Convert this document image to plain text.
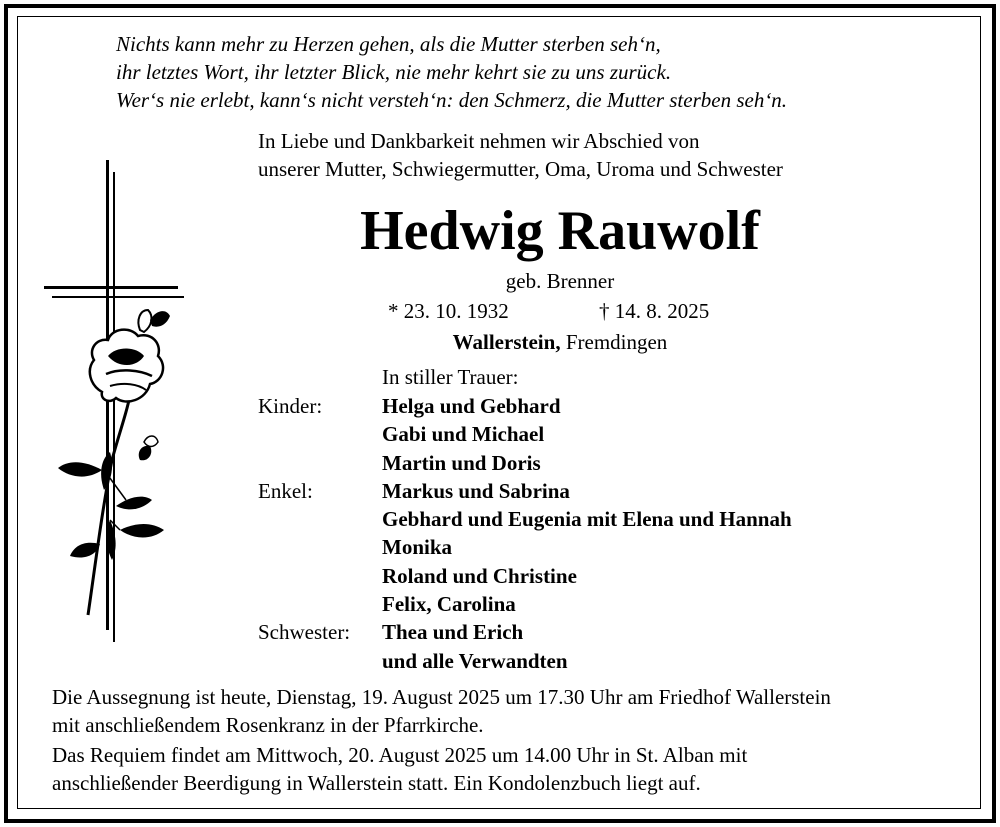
Nichts kann mehr zu Herzen gehen, als die Mutter sterben seh‘n,
ihr letztes Wort, ihr letzter Blick, nie mehr kehrt sie zu uns zurück.
Wer‘s nie erlebt, kann‘s nicht versteh‘n: den Schmerz, die Mutter sterben seh‘n.
In Liebe und Dankbarkeit nehmen wir Abschied von
unserer Mutter, Schwiegermutter, Oma, Uroma und Schwester
Hedwig Rauwolf
geb. Brenner
* 23. 10. 1932	† 14. 8. 2025
Wallerstein, Fremdingen
In stiller Trauer:
Kinder:	Helga und Gebhard
Gabi und Michael
Martin und Doris
Enkel:	Markus und Sabrina
Gebhard und Eugenia mit Elena und Hannah
Monika
Roland und Christine
Felix, Carolina
Schwester:	Thea und Erich
und alle Verwandten
Die Aussegnung ist heute, Dienstag, 19. August 2025 um 17.30 Uhr am Friedhof Wallerstein
mit anschließendem Rosenkranz in der Pfarrkirche.
Das Requiem findet am Mittwoch, 20. August 2025 um 14.00 Uhr in St. Alban mit
anschließender Beerdigung in Wallerstein statt. Ein Kondolenzbuch liegt auf.
